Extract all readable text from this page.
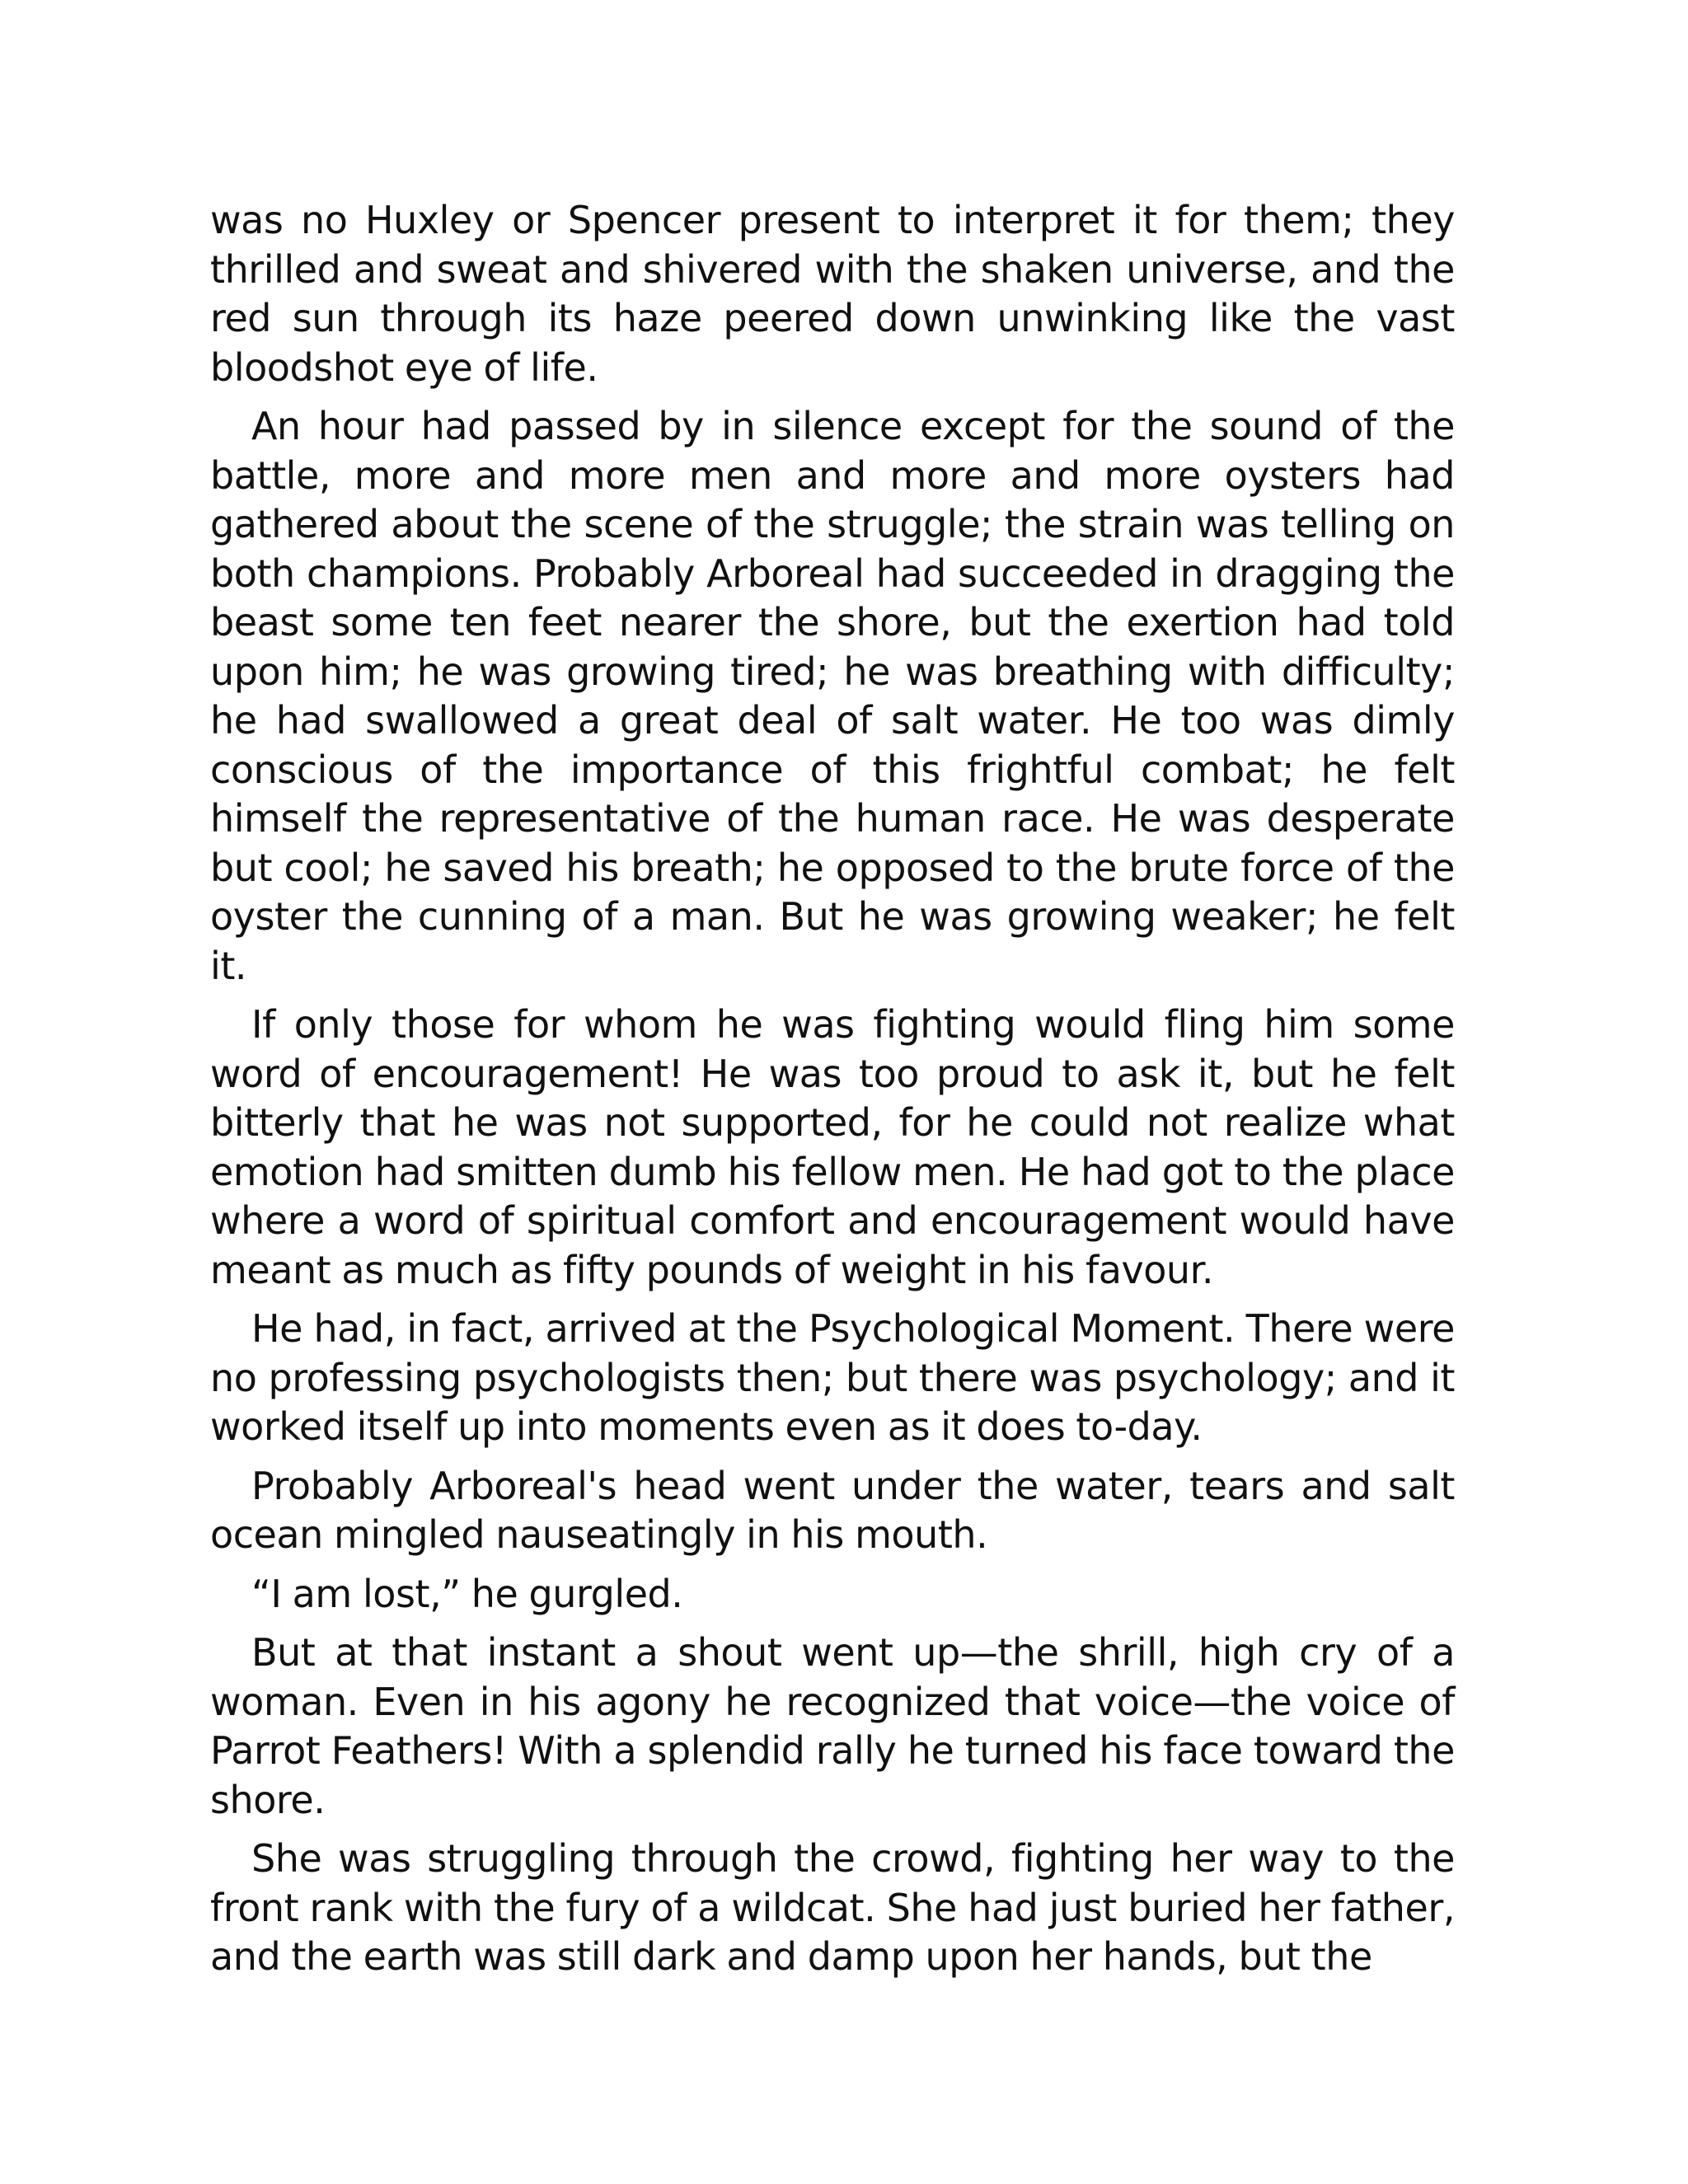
was no Huxley or Spencer present to interpret it for them; they thrilled and sweat and shivered with the shaken universe, and the red sun through its haze peered down unwinking like the vast bloodshot eye of life.

An hour had passed by in silence except for the sound of the battle, more and more men and more and more oysters had gathered about the scene of the struggle; the strain was telling on both champions. Probably Arboreal had succeeded in dragging the beast some ten feet nearer the shore, but the exertion had told upon him; he was growing tired; he was breathing with difficulty; he had swallowed a great deal of salt water. He too was dimly conscious of the importance of this frightful combat; he felt himself the representative of the human race. He was desperate but cool; he saved his breath; he opposed to the brute force of the oyster the cunning of a man. But he was growing weaker; he felt it.

If only those for whom he was fighting would fling him some word of encouragement! He was too proud to ask it, but he felt bitterly that he was not supported, for he could not realize what emotion had smitten dumb his fellow men. He had got to the place where a word of spiritual comfort and encouragement would have meant as much as fifty pounds of weight in his favour.

He had, in fact, arrived at the Psychological Moment. There were no professing psychologists then; but there was psychology; and it worked itself up into moments even as it does to-day.

Probably Arboreal's head went under the water, tears and salt ocean mingled nauseatingly in his mouth.

“I am lost,” he gurgled.

But at that instant a shout went up—the shrill, high cry of a woman. Even in his agony he recognized that voice—the voice of Parrot Feathers! With a splendid rally he turned his face toward the shore.

She was struggling through the crowd, fighting her way to the front rank with the fury of a wildcat. She had just buried her father, and the earth was still dark and damp upon her hands, but the
